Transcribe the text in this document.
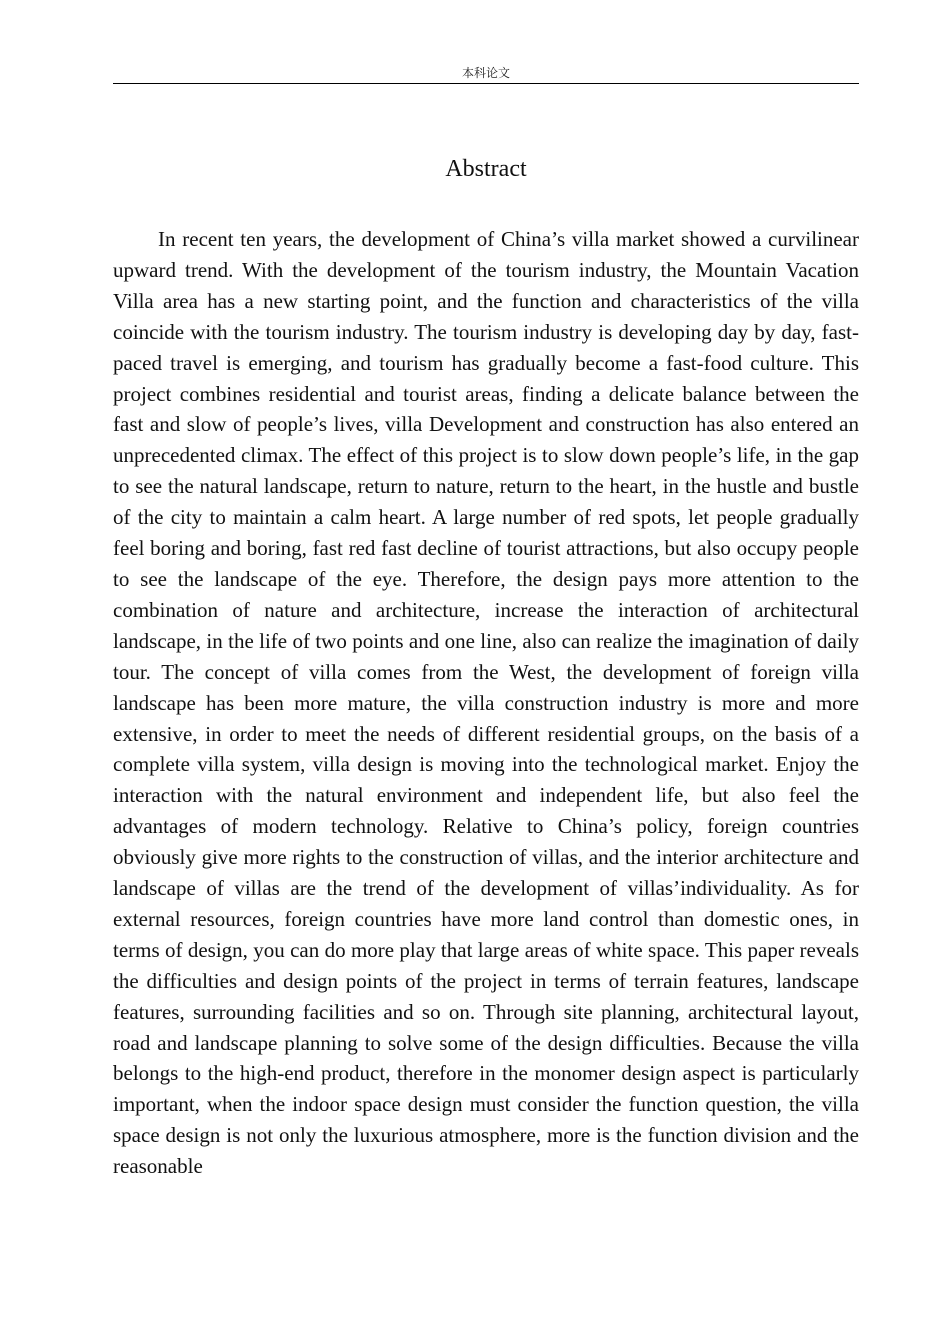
本科论文
Abstract

In recent ten years, the development of China’s villa market showed a curvilinear upward trend. With the development of the tourism industry, the Mountain Vacation Villa area has a new starting point, and the function and characteristics of the villa coincide with the tourism industry. The tourism industry is developing day by day, fast-paced travel is emerging, and tourism has gradually become a fast-food culture. This project combines residential and tourist areas, finding a delicate balance between the fast and slow of people’s lives, villa Development and construction has also entered an unprecedented climax. The effect of this project is to slow down people’s life, in the gap to see the natural landscape, return to nature, return to the heart, in the hustle and bustle of the city to maintain a calm heart. A large number of red spots, let people gradually feel boring and boring, fast red fast decline of tourist attractions, but also occupy people to see the landscape of the eye. Therefore, the design pays more attention to the combination of nature and architecture, increase the interaction of architectural landscape, in the life of two points and one line, also can realize the imagination of daily tour. The concept of villa comes from the West, the development of foreign villa landscape has been more mature, the villa construction industry is more and more extensive, in order to meet the needs of different residential groups, on the basis of a complete villa system, villa design is moving into the technological market. Enjoy the interaction with the natural environment and independent life, but also feel the advantages of modern technology. Relative to China’s policy, foreign countries obviously give more rights to the construction of villas, and the interior architecture and landscape of villas are the trend of the development of villas’individuality. As for external resources, foreign countries have more land control than domestic ones, in terms of design, you can do more play that large areas of white space. This paper reveals the difficulties and design points of the project in terms of terrain features, landscape features, surrounding facilities and so on. Through site planning, architectural layout, road and landscape planning to solve some of the design difficulties. Because the villa belongs to the high-end product, therefore in the monomer design aspect is particularly important, when the indoor space design must consider the function question, the villa space design is not only the luxurious atmosphere, more is the function division and the reasonable
